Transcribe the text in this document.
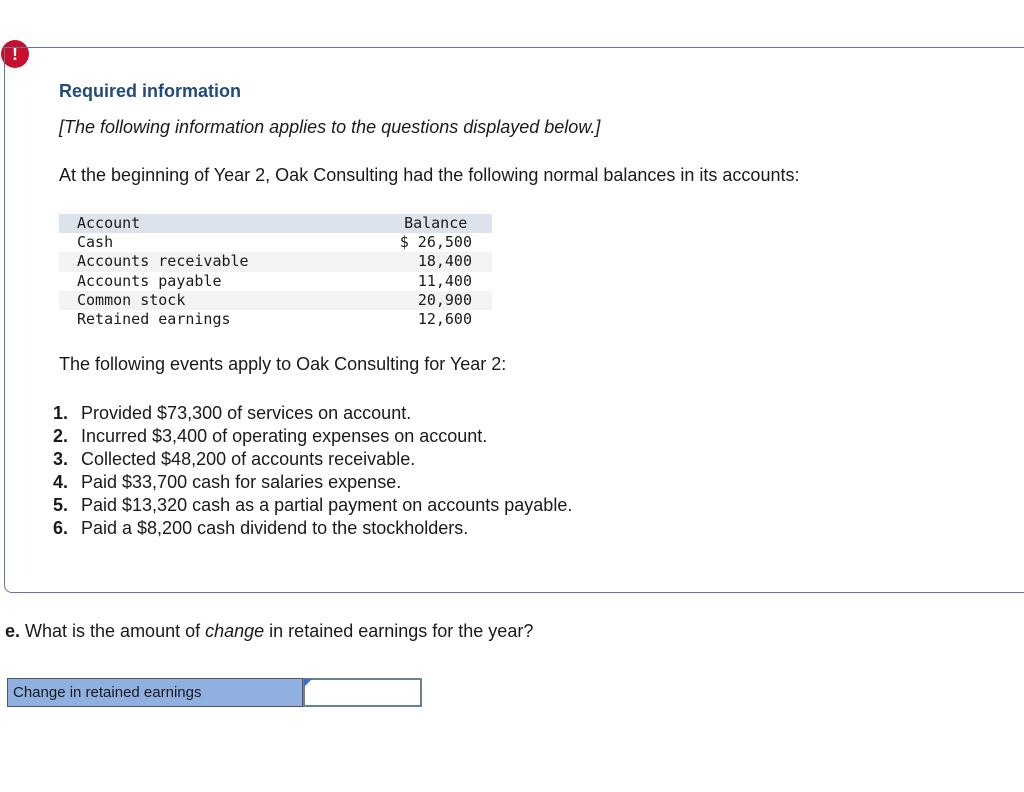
!
Required information
[The following information applies to the questions displayed below.]
At the beginning of Year 2, Oak Consulting had the following normal balances in its accounts:
Account	Balance
Cash	$ 26,500
Accounts receivable	18,400
Accounts payable	11,400
Common stock	20,900
Retained earnings	12,600
The following events apply to Oak Consulting for Year 2:
1. Provided $73,300 of services on account.
2. Incurred $3,400 of operating expenses on account.
3. Collected $48,200 of accounts receivable.
4. Paid $33,700 cash for salaries expense.
5. Paid $13,320 cash as a partial payment on accounts payable.
6. Paid a $8,200 cash dividend to the stockholders.
e. What is the amount of change in retained earnings for the year?
Change in retained earnings
